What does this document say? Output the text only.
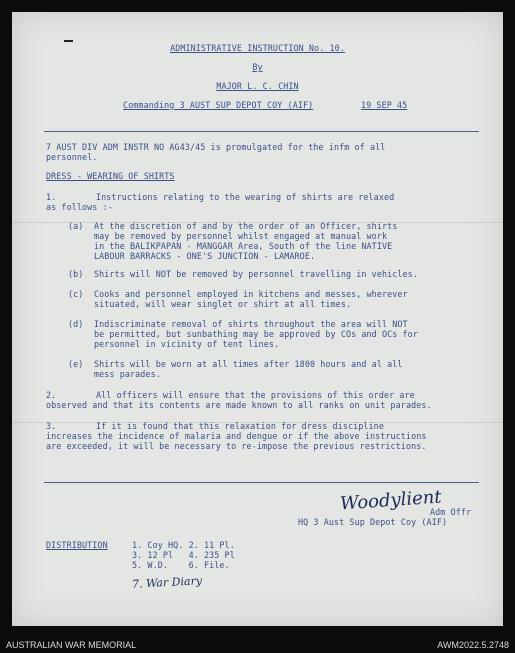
ADMINISTRATIVE INSTRUCTION No. 10.
By
MAJOR L. C. CHIN
Commanding 3 AUST SUP DEPOT COY (AIF)	19 SEP 45
7 AUST DIV ADM INSTR NO AG43/45 is promulgated for the infm of all
personnel.
DRESS - WEARING OF SHIRTS
1.	Instructions relating to the wearing of shirts are relaxed
as follows :-
(a) At the discretion of and by the order of an Officer, shirts
may be removed by personnel whilst engaged at manual work
in the BALIKPAPAN - MANGGAR Area, South of the line NATIVE
LABOUR BARRACKS - ONE'S JUNCTION - LAMAROE.
(b) Shirts will NOT be removed by personnel travelling in vehicles.
(c) Cooks and personnel employed in kitchens and messes, wherever
situated, will wear singlet or shirt at all times.
(d) Indiscriminate removal of shirts throughout the area will NOT
be permitted, but sunbathing may be approved by COs and OCs for
personnel in vicinity of tent lines.
(e) Shirts will be worn at all times after 1800 hours and al all
mess parades.
2.	All officers will ensure that the provisions of this order are
observed and that its contents are made known to all ranks on unit parades.
3.	If it is found that this relaxation for dress discipline
increases the incidence of malaria and dengue or if the above instructions
are exceeded, it will be necessary to re-impose the previous restrictions.
Woodylient
Adm Offr
HQ 3 Aust Sup Depot Coy (AIF)
DISTRIBUTION	1. Coy HQ. 2. 11 Pl.
3. 12 Pl   4. 235 Pl
5. W.D.    6. File.
7. War Diary
AUSTRALIAN WAR MEMORIAL	AWM2022.5.2748
